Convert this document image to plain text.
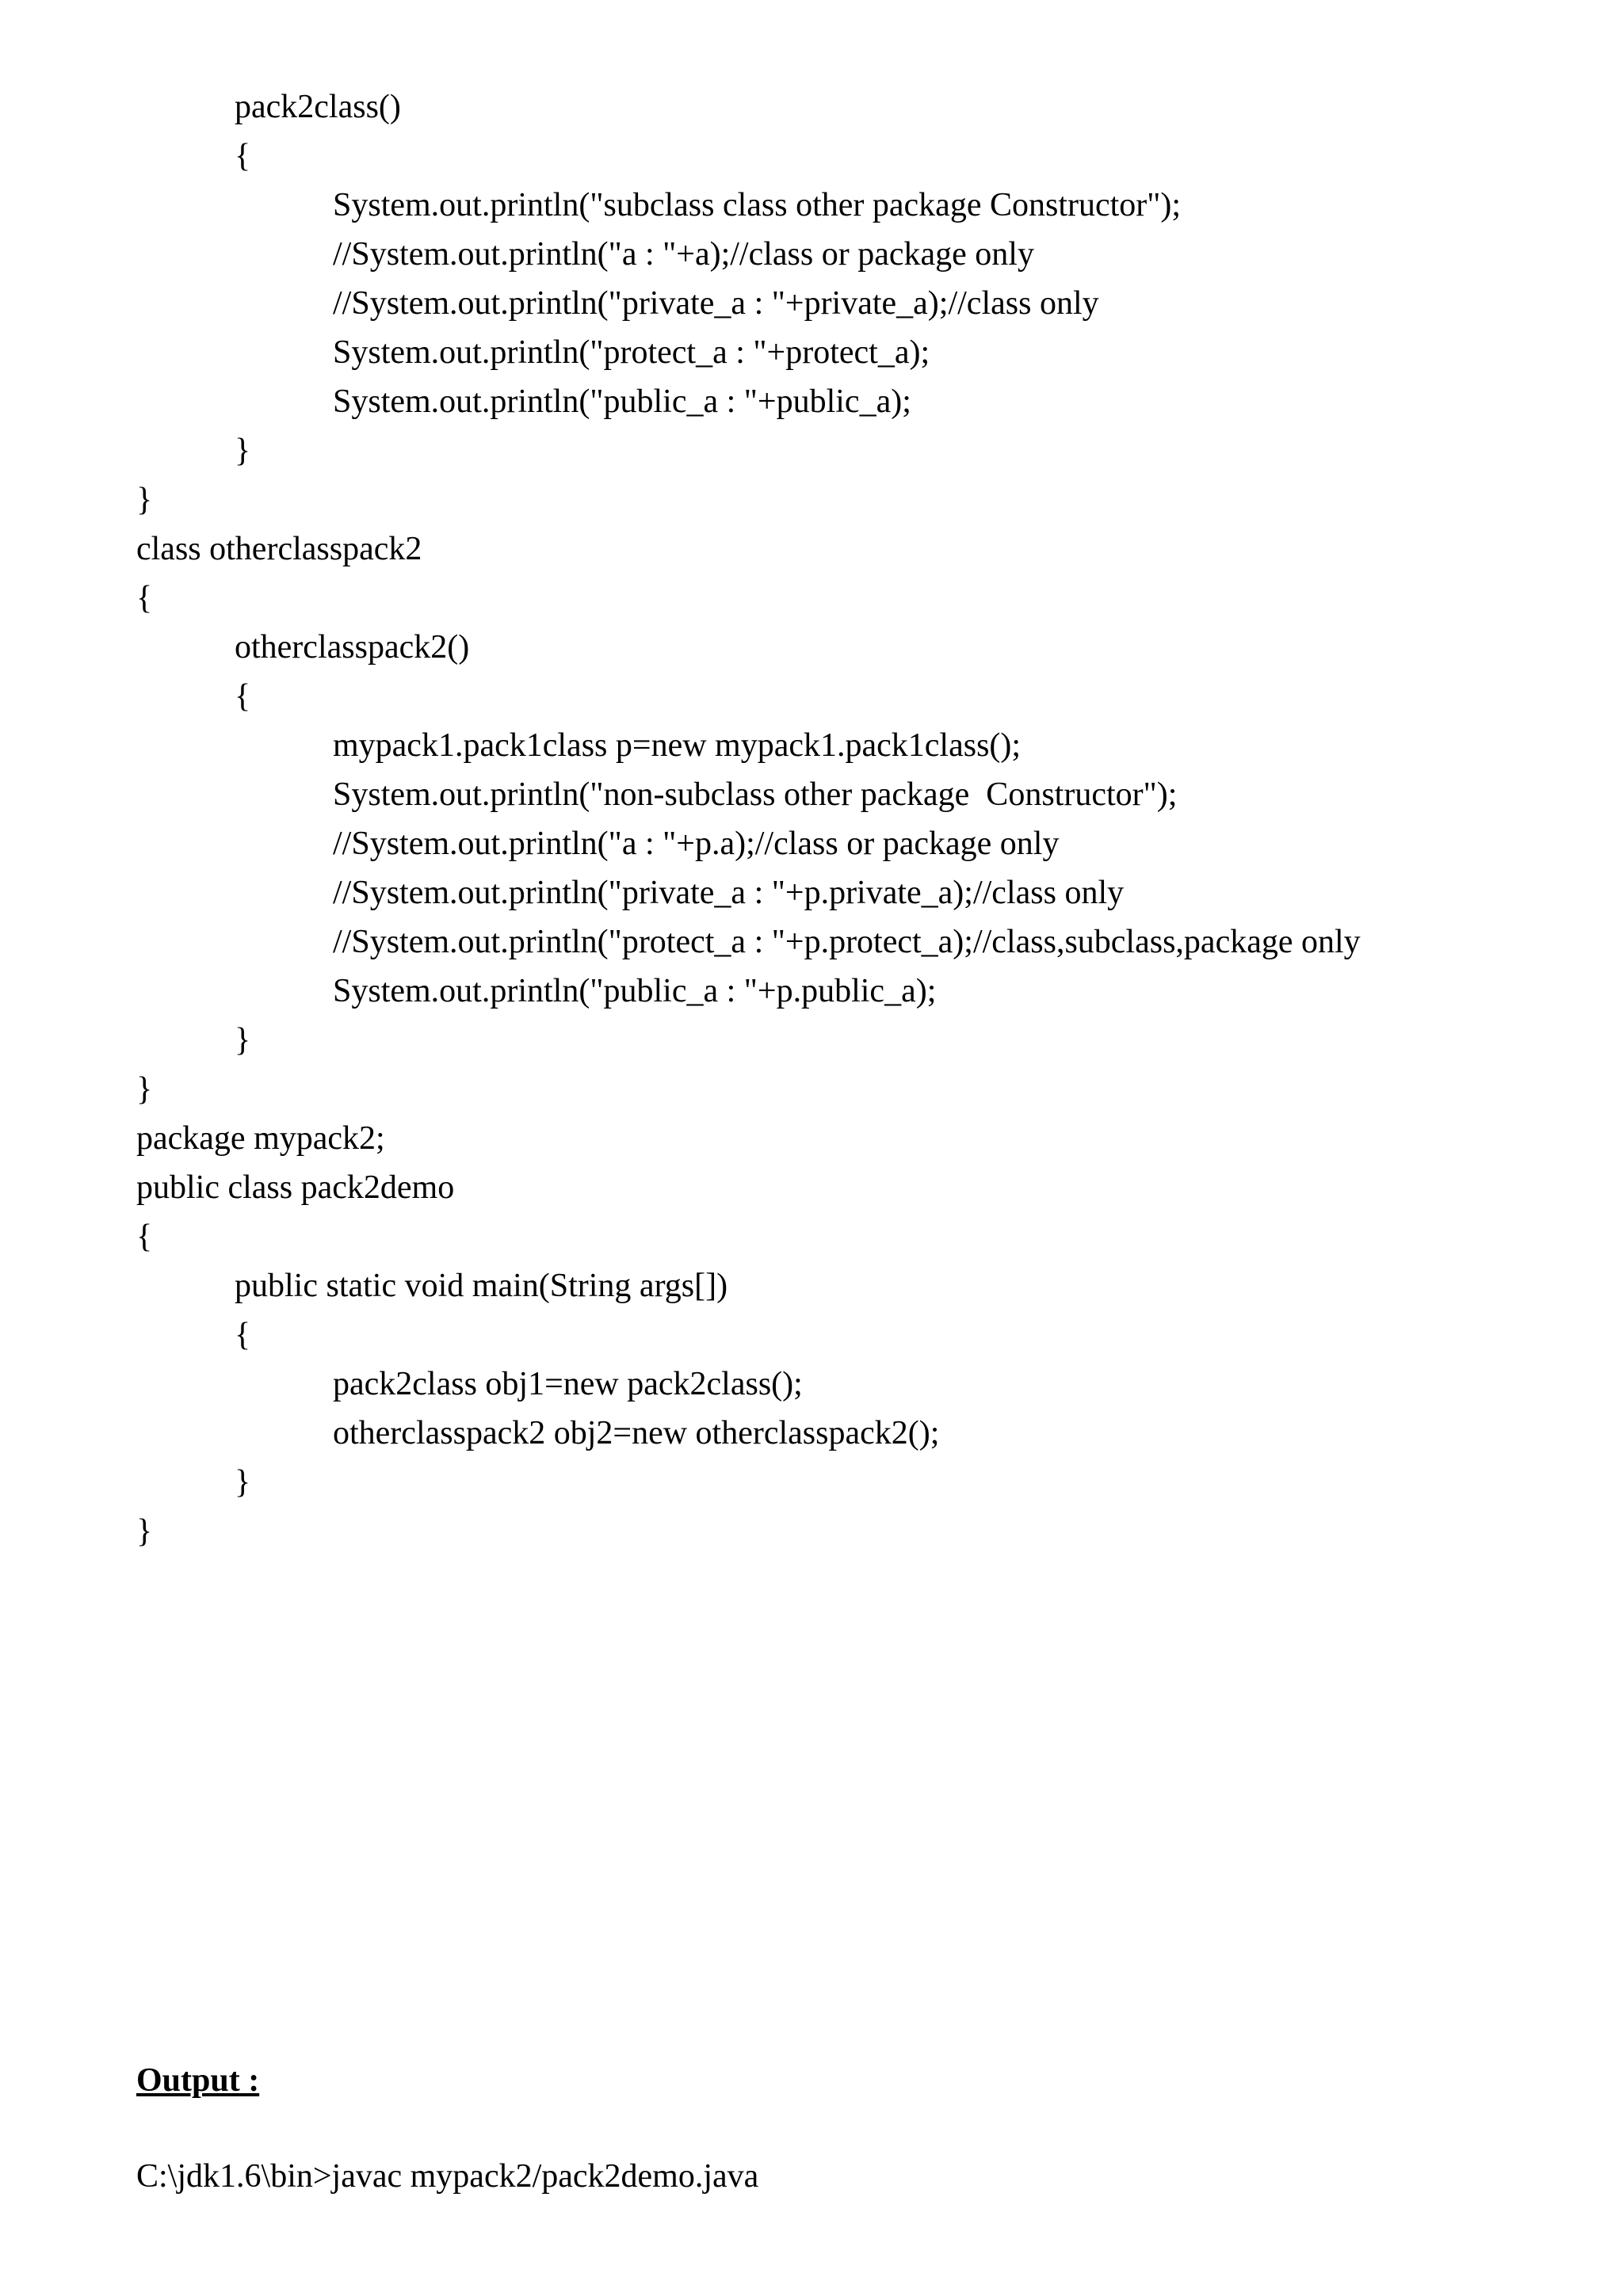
pack2class()
{
System.out.println("subclass class other package Constructor");
//System.out.println("a : "+a);//class or package only
//System.out.println("private_a : "+private_a);//class only
System.out.println("protect_a : "+protect_a);
System.out.println("public_a : "+public_a);
}
}
class otherclasspack2
{
otherclasspack2()
{
mypack1.pack1class p=new mypack1.pack1class();
System.out.println("non-subclass other package  Constructor");
//System.out.println("a : "+p.a);//class or package only
//System.out.println("private_a : "+p.private_a);//class only
//System.out.println("protect_a : "+p.protect_a);//class,subclass,package only
System.out.println("public_a : "+p.public_a);
}
}
package mypack2;
public class pack2demo
{
public static void main(String args[])
{
pack2class obj1=new pack2class();
otherclasspack2 obj2=new otherclasspack2();
}
}
Output :
C:\jdk1.6\bin>javac mypack2/pack2demo.java
